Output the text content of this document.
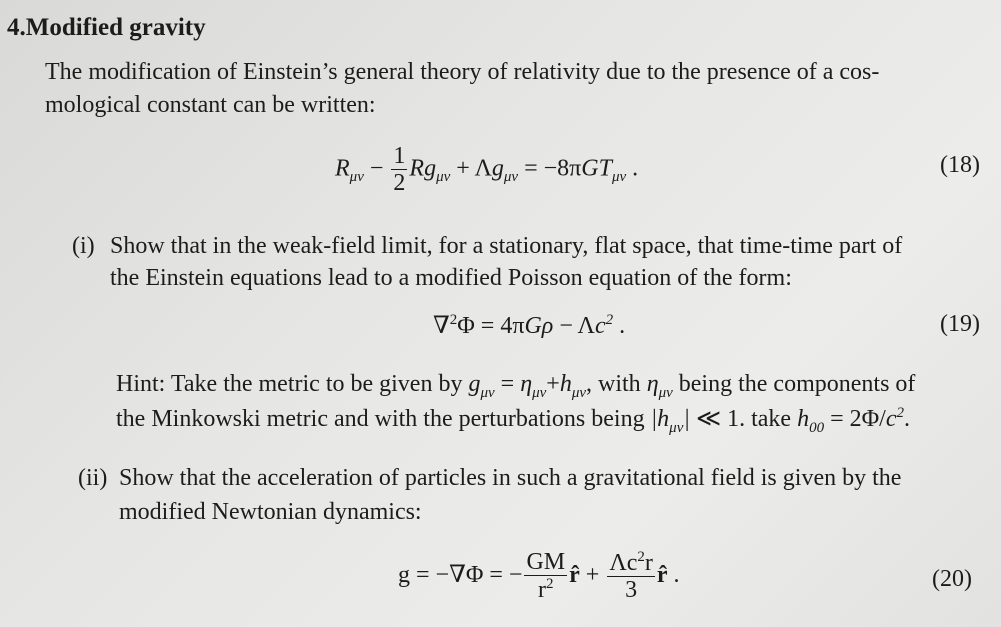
4.Modified gravity
The modification of Einstein’s general theory of relativity due to the presence of a cos-
mological constant can be written:
$R_{\mu\nu} - \frac{1}{2} Rg_{\mu\nu} + \Lambda g_{\mu\nu} = -8\pi GT_{\mu\nu}$ .	(18)
(i) Show that in the weak-field limit, for a stationary, flat space, that time-time part of
the Einstein equations lead to a modified Poisson equation of the form:
$\nabla^2\Phi = 4\pi G\rho - \Lambda c^2$ .	(19)
Hint: Take the metric to be given by $g_{\mu\nu} = \eta_{\mu\nu}+h_{\mu\nu}$, with $\eta_{\mu\nu}$ being the components of
the Minkowski metric and with the perturbations being $|h_{\mu\nu}|$ ≪ 1. take $h_{00} = 2\Phi/c^2$.
(ii) Show that the acceleration of particles in such a gravitational field is given by the
modified Newtonian dynamics:
g = −∇Φ = − $\frac{GM}{r^2}$ r̂ + $\frac{\Lambda c^2r}{3}$ r̂ .	(20)
